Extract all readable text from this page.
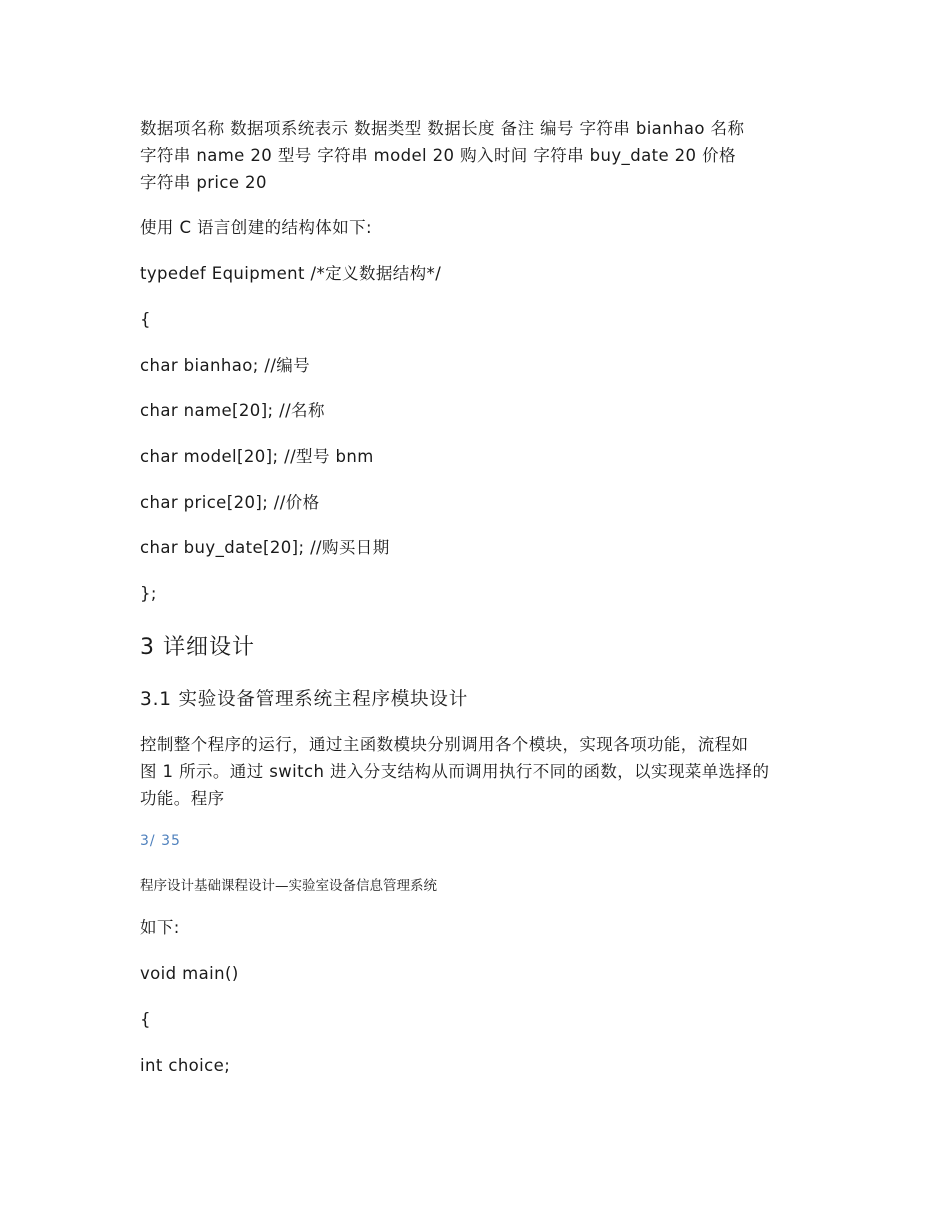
数据项名称 数据项系统表示 数据类型 数据长度 备注 编号 字符串 bianhao 名称
字符串 name 20 型号 字符串 model 20 购入时间 字符串 buy_date 20 价格
字符串 price 20
使用 C 语言创建的结构体如下:
typedef Equipment /*定义数据结构*/
{
char bianhao; //编号
char name[20]; //名称
char model[20]; //型号 bnm
char price[20]; //价格
char buy_date[20]; //购买日期
};
3 详细设计
3.1 实验设备管理系统主程序模块设计
控制整个程序的运行，通过主函数模块分别调用各个模块，实现各项功能，流程如
图 1 所示。通过 switch 进入分支结构从而调用执行不同的函数，以实现菜单选择的
功能。程序
3/ 35
程序设计基础课程设计—实验室设备信息管理系统
如下:
void main()
{
int choice;
